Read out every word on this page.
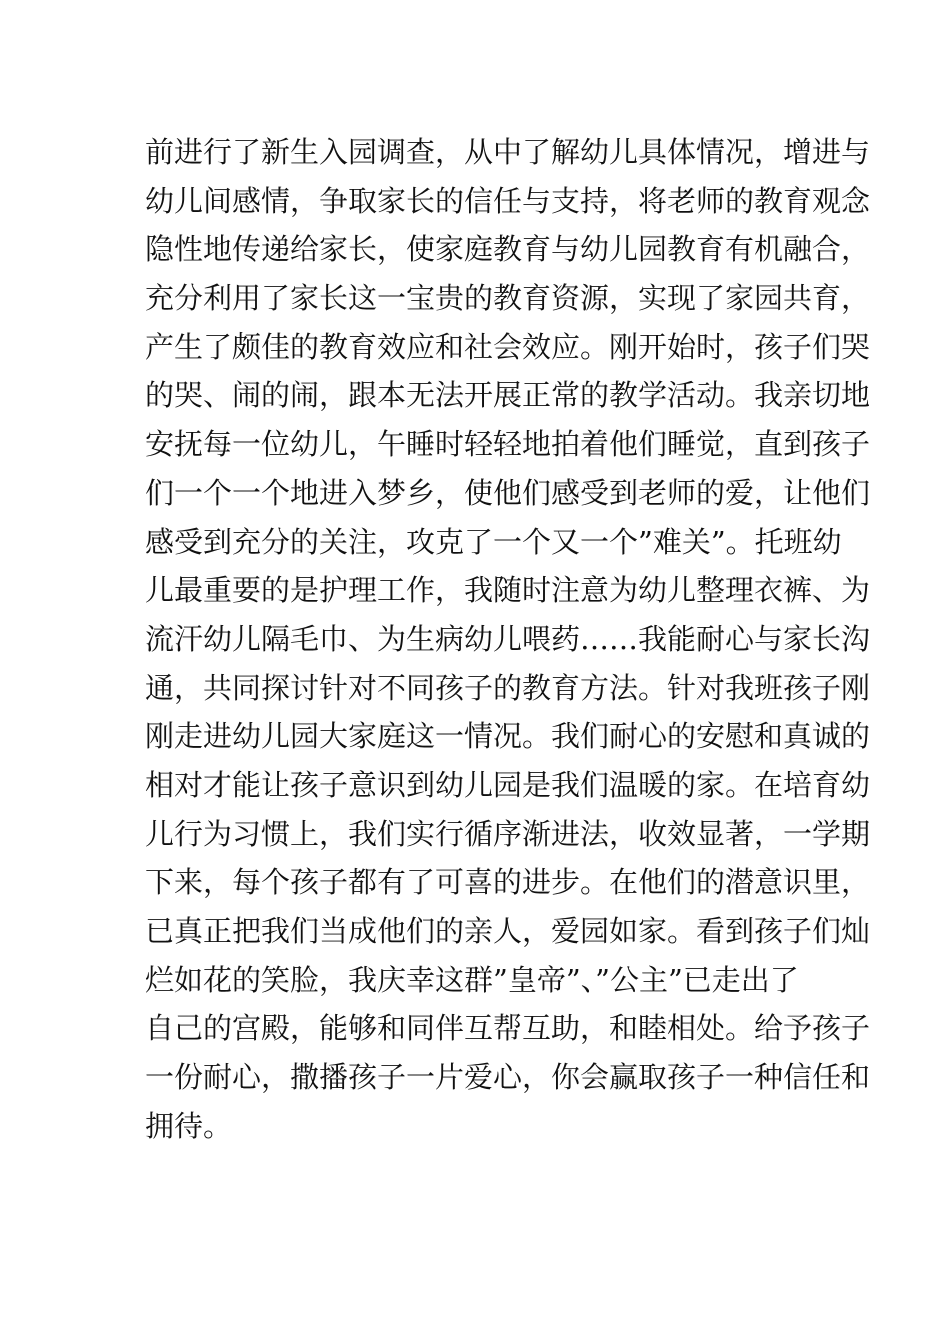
前进行了新生入园调查，从中了解幼儿具体情况，增进与
幼儿间感情，争取家长的信任与支持，将老师的教育观念
隐性地传递给家长，使家庭教育与幼儿园教育有机融合，
充分利用了家长这一宝贵的教育资源，实现了家园共育，
产生了颇佳的教育效应和社会效应。刚开始时，孩子们哭
的哭、闹的闹，跟本无法开展正常的教学活动。我亲切地
安抚每一位幼儿，午睡时轻轻地拍着他们睡觉，直到孩子
们一个一个地进入梦乡，使他们感受到老师的爱，让他们
感受到充分的关注，攻克了一个又一个”难关”。托班幼
儿最重要的是护理工作，我随时注意为幼儿整理衣裤、为
流汗幼儿隔毛巾、为生病幼儿喂药……我能耐心与家长沟
通，共同探讨针对不同孩子的教育方法。针对我班孩子刚
刚走进幼儿园大家庭这一情况。我们耐心的安慰和真诚的
相对才能让孩子意识到幼儿园是我们温暖的家。在培育幼
儿行为习惯上，我们实行循序渐进法，收效显著，一学期
下来，每个孩子都有了可喜的进步。在他们的潜意识里，
已真正把我们当成他们的亲人，爱园如家。看到孩子们灿
烂如花的笑脸，我庆幸这群”皇帝”、”公主”已走出了
自己的宫殿，能够和同伴互帮互助，和睦相处。给予孩子
一份耐心，撒播孩子一片爱心，你会赢取孩子一种信任和
拥待。
